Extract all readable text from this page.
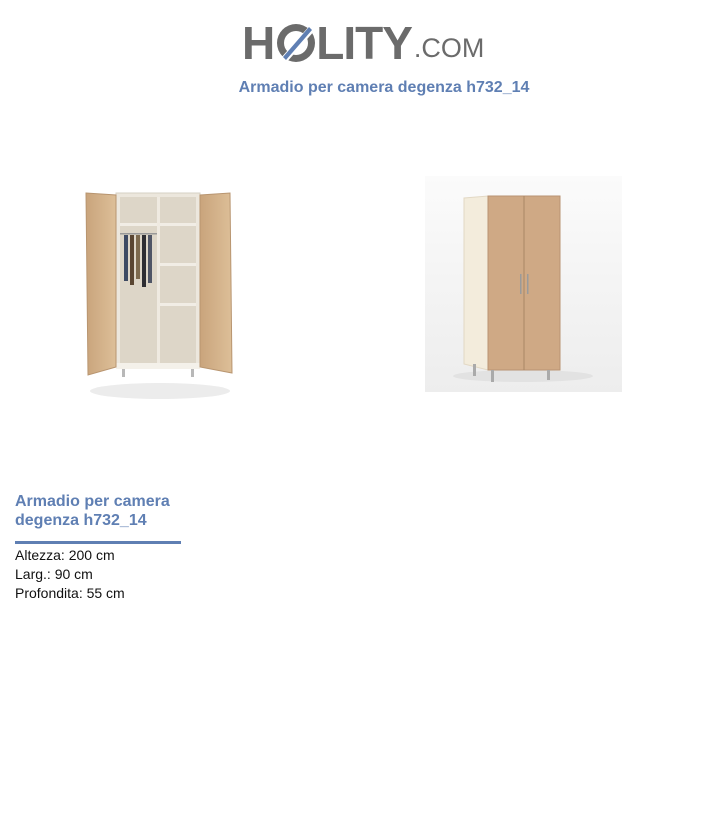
H LITY .COM
Armadio per camera degenza h732_14
Armadio per camera degenza h732_14
Altezza: 200 cm
Larg.: 90 cm
Profondita: 55 cm
